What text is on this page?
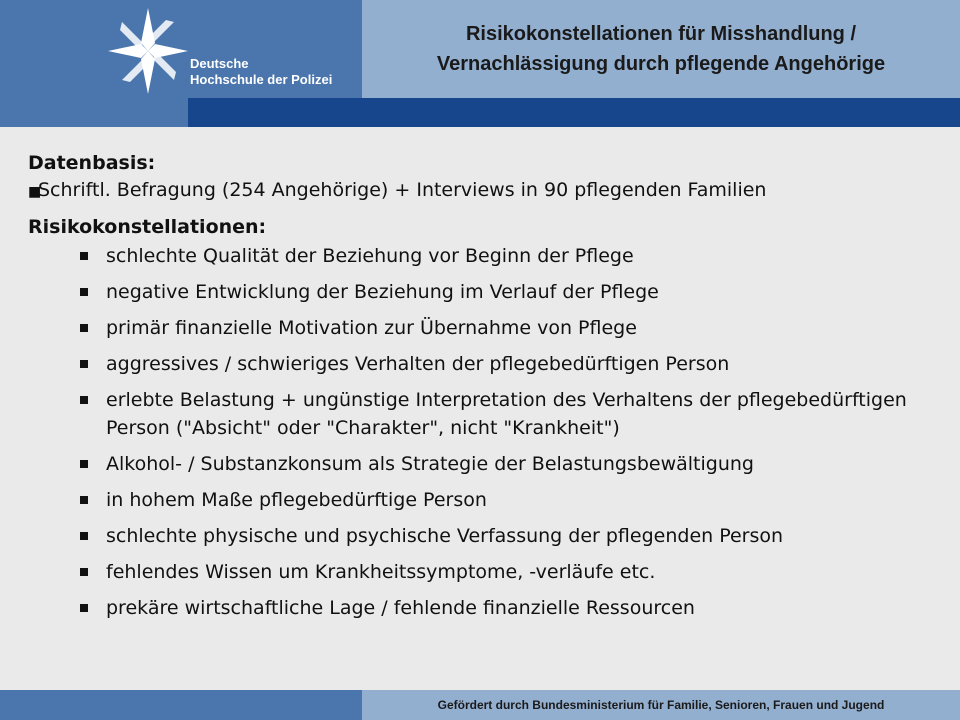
Deutsche
Hochschule der Polizei
Risikokonstellationen für Misshandlung /
Vernachlässigung durch pflegende Angehörige
Datenbasis:
■
Schriftl. Befragung (254 Angehörige) + Interviews in 90 pflegenden Familien
Risikokonstellationen:
schlechte Qualität der Beziehung vor Beginn der Pflege
negative Entwicklung der Beziehung im Verlauf der Pflege
primär finanzielle Motivation zur Übernahme von Pflege
aggressives / schwieriges Verhalten der pflegebedürftigen Person
erlebte Belastung + ungünstige Interpretation des Verhaltens der pflegebedürftigen Person ("Absicht" oder "Charakter", nicht "Krankheit")
Alkohol- / Substanzkonsum als Strategie der Belastungsbewältigung
in hohem Maße pflegebedürftige Person
schlechte physische und psychische Verfassung der pflegenden Person
fehlendes Wissen um Krankheitssymptome, -verläufe etc.
prekäre wirtschaftliche Lage / fehlende finanzielle Ressourcen
Gefördert durch Bundesministerium für Familie, Senioren, Frauen und Jugend
